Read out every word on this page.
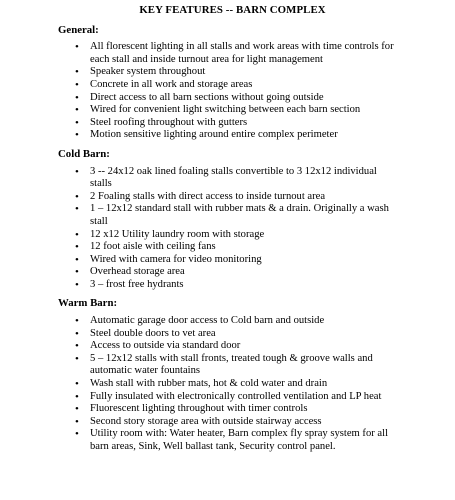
KEY FEATURES -- BARN COMPLEX
General:
• All florescent lighting in all stalls and work areas with time controls for each stall and inside turnout area for light management
• Speaker system throughout
• Concrete in all work and storage areas
• Direct access to all barn sections without going outside
• Wired for convenient light switching between each barn section
• Steel roofing throughout with gutters
• Motion sensitive lighting around entire complex perimeter
Cold Barn:
• 3 -- 24x12 oak lined foaling stalls convertible to 3 12x12 individual stalls
• 2 Foaling stalls with direct access to inside turnout area
• 1 – 12x12 standard stall with rubber mats & a drain. Originally a wash stall
• 12 x12 Utility laundry room with storage
• 12 foot aisle with ceiling fans
• Wired with camera for video monitoring
• Overhead storage area
• 3 – frost free hydrants
Warm Barn:
• Automatic garage door access to Cold barn and outside
• Steel double doors to vet area
• Access to outside via standard door
• 5 – 12x12 stalls with stall fronts, treated tough & groove walls and automatic water fountains
• Wash stall with rubber mats, hot & cold water and drain
• Fully insulated with electronically controlled ventilation and LP heat
• Fluorescent lighting throughout with timer controls
• Second story storage area with outside stairway access
• Utility room with: Water heater, Barn complex fly spray system for all barn areas, Sink, Well ballast tank, Security control panel.
